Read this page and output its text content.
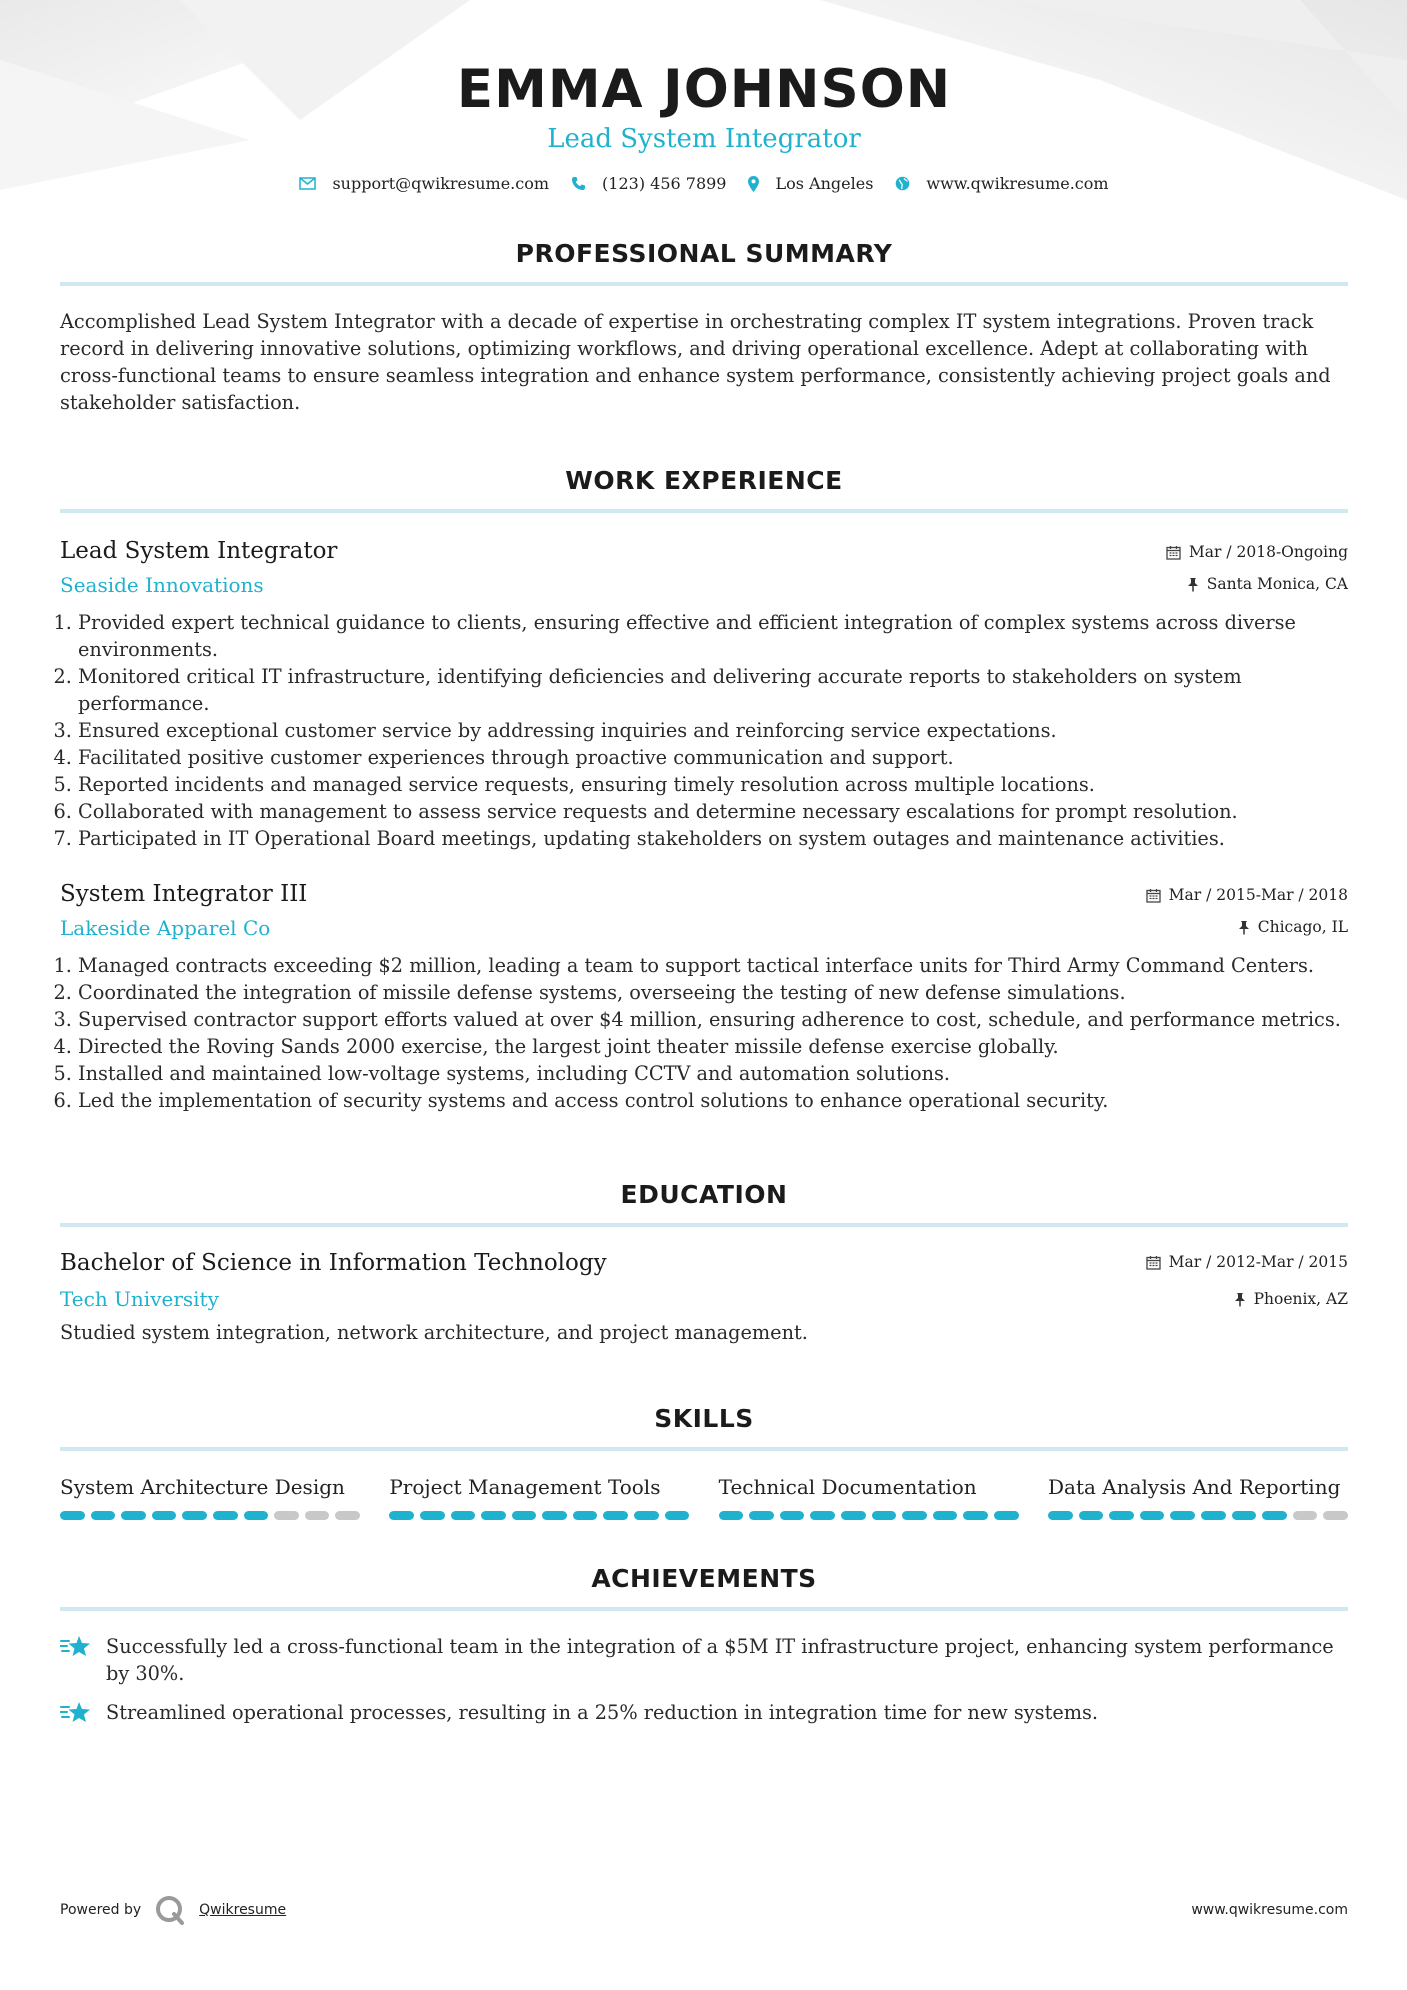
EMMA JOHNSON
Lead System Integrator
support@qwikresume.com	(123) 456 7899	Los Angeles	www.qwikresume.com
PROFESSIONAL SUMMARY
Accomplished Lead System Integrator with a decade of expertise in orchestrating complex IT system integrations. Proven track record in delivering innovative solutions, optimizing workflows, and driving operational excellence. Adept at collaborating with cross-functional teams to ensure seamless integration and enhance system performance, consistently achieving project goals and stakeholder satisfaction.
WORK EXPERIENCE
Lead System Integrator
Seaside Innovations
Mar / 2018-Ongoing
Santa Monica, CA
1. Provided expert technical guidance to clients, ensuring effective and efficient integration of complex systems across diverse environments.
2. Monitored critical IT infrastructure, identifying deficiencies and delivering accurate reports to stakeholders on system performance.
3. Ensured exceptional customer service by addressing inquiries and reinforcing service expectations.
4. Facilitated positive customer experiences through proactive communication and support.
5. Reported incidents and managed service requests, ensuring timely resolution across multiple locations.
6. Collaborated with management to assess service requests and determine necessary escalations for prompt resolution.
7. Participated in IT Operational Board meetings, updating stakeholders on system outages and maintenance activities.
System Integrator III
Lakeside Apparel Co
Mar / 2015-Mar / 2018
Chicago, IL
1. Managed contracts exceeding $2 million, leading a team to support tactical interface units for Third Army Command Centers.
2. Coordinated the integration of missile defense systems, overseeing the testing of new defense simulations.
3. Supervised contractor support efforts valued at over $4 million, ensuring adherence to cost, schedule, and performance metrics.
4. Directed the Roving Sands 2000 exercise, the largest joint theater missile defense exercise globally.
5. Installed and maintained low-voltage systems, including CCTV and automation solutions.
6. Led the implementation of security systems and access control solutions to enhance operational security.
EDUCATION
Bachelor of Science in Information Technology
Tech University
Mar / 2012-Mar / 2015
Phoenix, AZ
Studied system integration, network architecture, and project management.
SKILLS
System Architecture Design	Project Management Tools	Technical Documentation	Data Analysis And Reporting
ACHIEVEMENTS
Successfully led a cross-functional team in the integration of a $5M IT infrastructure project, enhancing system performance by 30%.
Streamlined operational processes, resulting in a 25% reduction in integration time for new systems.
Powered by	Qwikresume	www.qwikresume.com
